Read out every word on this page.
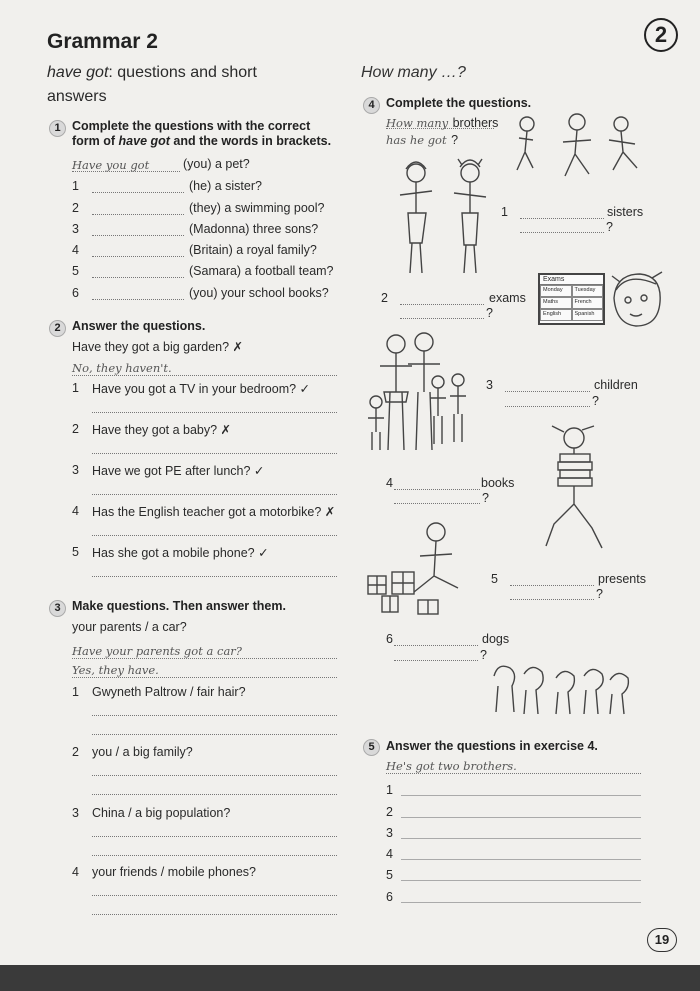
Grammar 2	2
have got: questions and short
answers
1 Complete the questions with the correct
form of have got and the words in brackets.
Have you got	(you) a pet?
1	(he) a sister?
2	(they) a swimming pool?
3	(Madonna) three sons?
4	(Britain) a royal family?
5	(Samara) a football team?
6	(you) your school books?
2 Answer the questions.
Have they got a big garden? ✗
No, they haven't.
1 Have you got a TV in your bedroom? ✓
2 Have they got a baby? ✗
3 Have we got PE after lunch? ✓
4 Has the English teacher got a motorbike? ✗
5 Has she got a mobile phone? ✓
3 Make questions. Then answer them.
your parents / a car?
Have your parents got a car?
Yes, they have.
1 Gwyneth Paltrow / fair hair?
2 you / a big family?
3 China / a big population?
4 your friends / mobile phones?
How many …?
4 Complete the questions.
How many brothers
has he got ?
Exams
Monday	Tuesday
Maths	French
English	Spanish
1	sisters
?
2	exams
?
3	children
?
4	books
?
5	presents
?
6	dogs
?
5 Answer the questions in exercise 4.
He's got two brothers.
1
2
3
4
5
6
19
